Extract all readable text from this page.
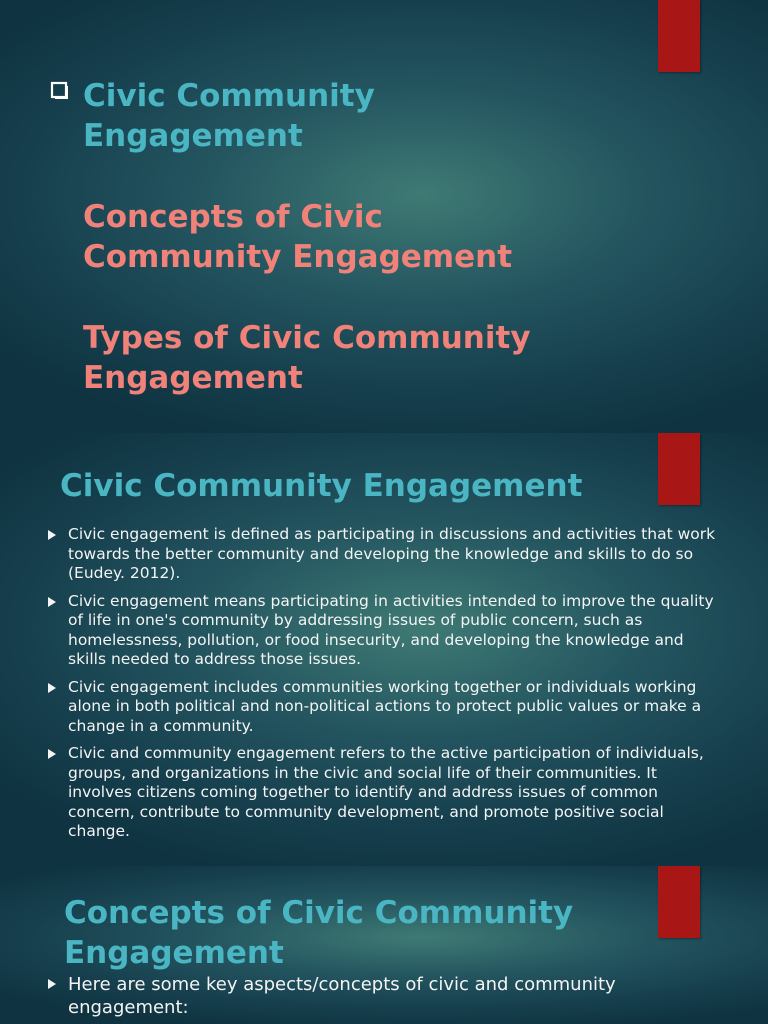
Civic Community

Engagement

Concepts of Civic

Community Engagement

Types of Civic Community

Engagement

Civic Community Engagement
Civic engagement is defined as participating in discussions and activities that work towards the better community and developing the knowledge and skills to do so (Eudey. 2012).
Civic engagement means participating in activities intended to improve the quality of life in one's community by addressing issues of public concern, such as homelessness, pollution, or food insecurity, and developing the knowledge and skills needed to address those issues.
Civic engagement includes communities working together or individuals working alone in both political and non-political actions to protect public values or make a change in a community.
Civic and community engagement refers to the active participation of individuals, groups, and organizations in the civic and social life of their communities. It involves citizens coming together to identify and address issues of common concern, contribute to community development, and promote positive social change.
Concepts of Civic Community
Engagement
Here are some key aspects/concepts of civic and community engagement:
